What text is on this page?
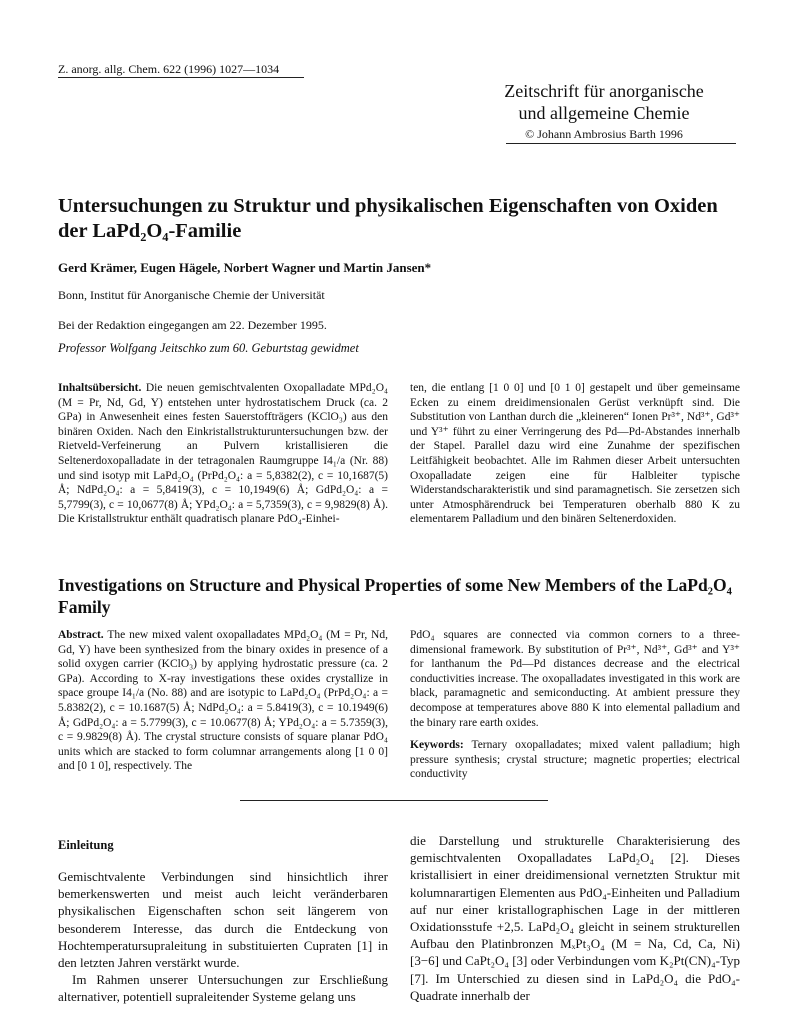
Z. anorg. allg. Chem. 622 (1996) 1027—1034
Zeitschrift für anorganische
und allgemeine Chemie
© Johann Ambrosius Barth 1996
Untersuchungen zu Struktur und physikalischen Eigenschaften von Oxiden der LaPd₂O₄-Familie
Gerd Krämer, Eugen Hägele, Norbert Wagner und Martin Jansen*
Bonn, Institut für Anorganische Chemie der Universität
Bei der Redaktion eingegangen am 22. Dezember 1995.
Professor Wolfgang Jeitschko zum 60. Geburtstag gewidmet
Inhaltsübersicht. Die neuen gemischtvalenten Oxopalladate MPd₂O₄ (M = Pr, Nd, Gd, Y) entstehen unter hydrostatischem Druck (ca. 2 GPa) in Anwesenheit eines festen Sauerstoffträgers (KClO₃) aus den binären Oxiden. Nach den Einkristallstrukturuntersuchungen bzw. der Rietveld-Verfeinerung an Pulvern kristallisieren die Seltenerdoxopalladate in der tetragonalen Raumgruppe I4₁/a (Nr. 88) und sind isotyp mit LaPd₂O₄ (PrPd₂O₄: a = 5,8382(2), c = 10,1687(5) Å; NdPd₂O₄: a = 5,8419(3), c = 10,1949(6) Å; GdPd₂O₄: a = 5,7799(3), c = 10,0677(8) Å; YPd₂O₄: a = 5,7359(3), c = 9,9829(8) Å). Die Kristallstruktur enthält quadratisch planare PdO₄-Einhei-
ten, die entlang [1 0 0] und [0 1 0] gestapelt und über gemeinsame Ecken zu einem dreidimensionalen Gerüst verknüpft sind. Die Substitution von Lanthan durch die „kleineren“ Ionen Pr³⁺, Nd³⁺, Gd³⁺ und Y³⁺ führt zu einer Verringerung des Pd—Pd-Abstandes innerhalb der Stapel. Parallel dazu wird eine Zunahme der spezifischen Leitfähigkeit beobachtet. Alle im Rahmen dieser Arbeit untersuchten Oxopalladate zeigen eine für Halbleiter typische Widerstandscharakteristik und sind paramagnetisch. Sie zersetzen sich unter Atmosphärendruck bei Temperaturen oberhalb 880 K zu elementarem Palladium und den binären Seltenerdoxiden.
Investigations on Structure and Physical Properties of some New Members of the LaPd₂O₄ Family
Abstract. The new mixed valent oxopalladates MPd₂O₄ (M = Pr, Nd, Gd, Y) have been synthesized from the binary oxides in presence of a solid oxygen carrier (KClO₃) by applying hydrostatic pressure (ca. 2 GPa). According to X-ray investigations these oxides crystallize in space groupe I4₁/a (No. 88) and are isotypic to LaPd₂O₄ (PrPd₂O₄: a = 5.8382(2), c = 10.1687(5) Å; NdPd₂O₄: a = 5.8419(3), c = 10.1949(6) Å; GdPd₂O₄: a = 5.7799(3), c = 10.0677(8) Å; YPd₂O₄: a = 5.7359(3), c = 9.9829(8) Å). The crystal structure consists of square planar PdO₄ units which are stacked to form columnar arrangements along [1 0 0] and [0 1 0], respectively. The
PdO₄ squares are connected via common corners to a three-dimensional framework. By substitution of Pr³⁺, Nd³⁺, Gd³⁺ and Y³⁺ for lanthanum the Pd—Pd distances decrease and the electrical conductivities increase. The oxopalladates investigated in this work are black, paramagnetic and semiconducting. At ambient pressure they decompose at temperatures above 880 K into elemental palladium and the binary rare earth oxides.
Keywords: Ternary oxopalladates; mixed valent palladium; high pressure synthesis; crystal structure; magnetic properties; electrical conductivity
Einleitung

Gemischtvalente Verbindungen sind hinsichtlich ihrer bemerkenswerten und meist auch leicht veränderbaren physikalischen Eigenschaften schon seit längerem von besonderem Interesse, das durch die Entdeckung von Hochtemperatursupraleitung in substituierten Cupraten [1] in den letzten Jahren verstärkt wurde.

Im Rahmen unserer Untersuchungen zur Erschließung alternativer, potentiell supraleitender Systeme gelang uns

die Darstellung und strukturelle Charakterisierung des gemischtvalenten Oxopalladates LaPd₂O₄ [2]. Dieses kristallisiert in einer dreidimensional vernetzten Struktur mit kolumnarartigen Elementen aus PdO₄-Einheiten und Palladium auf nur einer kristallographischen Lage in der mittleren Oxidationsstufe +2,5. LaPd₂O₄ gleicht in seinem strukturellen Aufbau den Platinbronzen MₓPt₃O₄ (M = Na, Cd, Ca, Ni) [3−6] und CaPt₂O₄ [3] oder Verbindungen vom K₂Pt(CN)₄-Typ [7]. Im Unterschied zu diesen sind in LaPd₂O₄ die PdO₄-Quadrate innerhalb der
